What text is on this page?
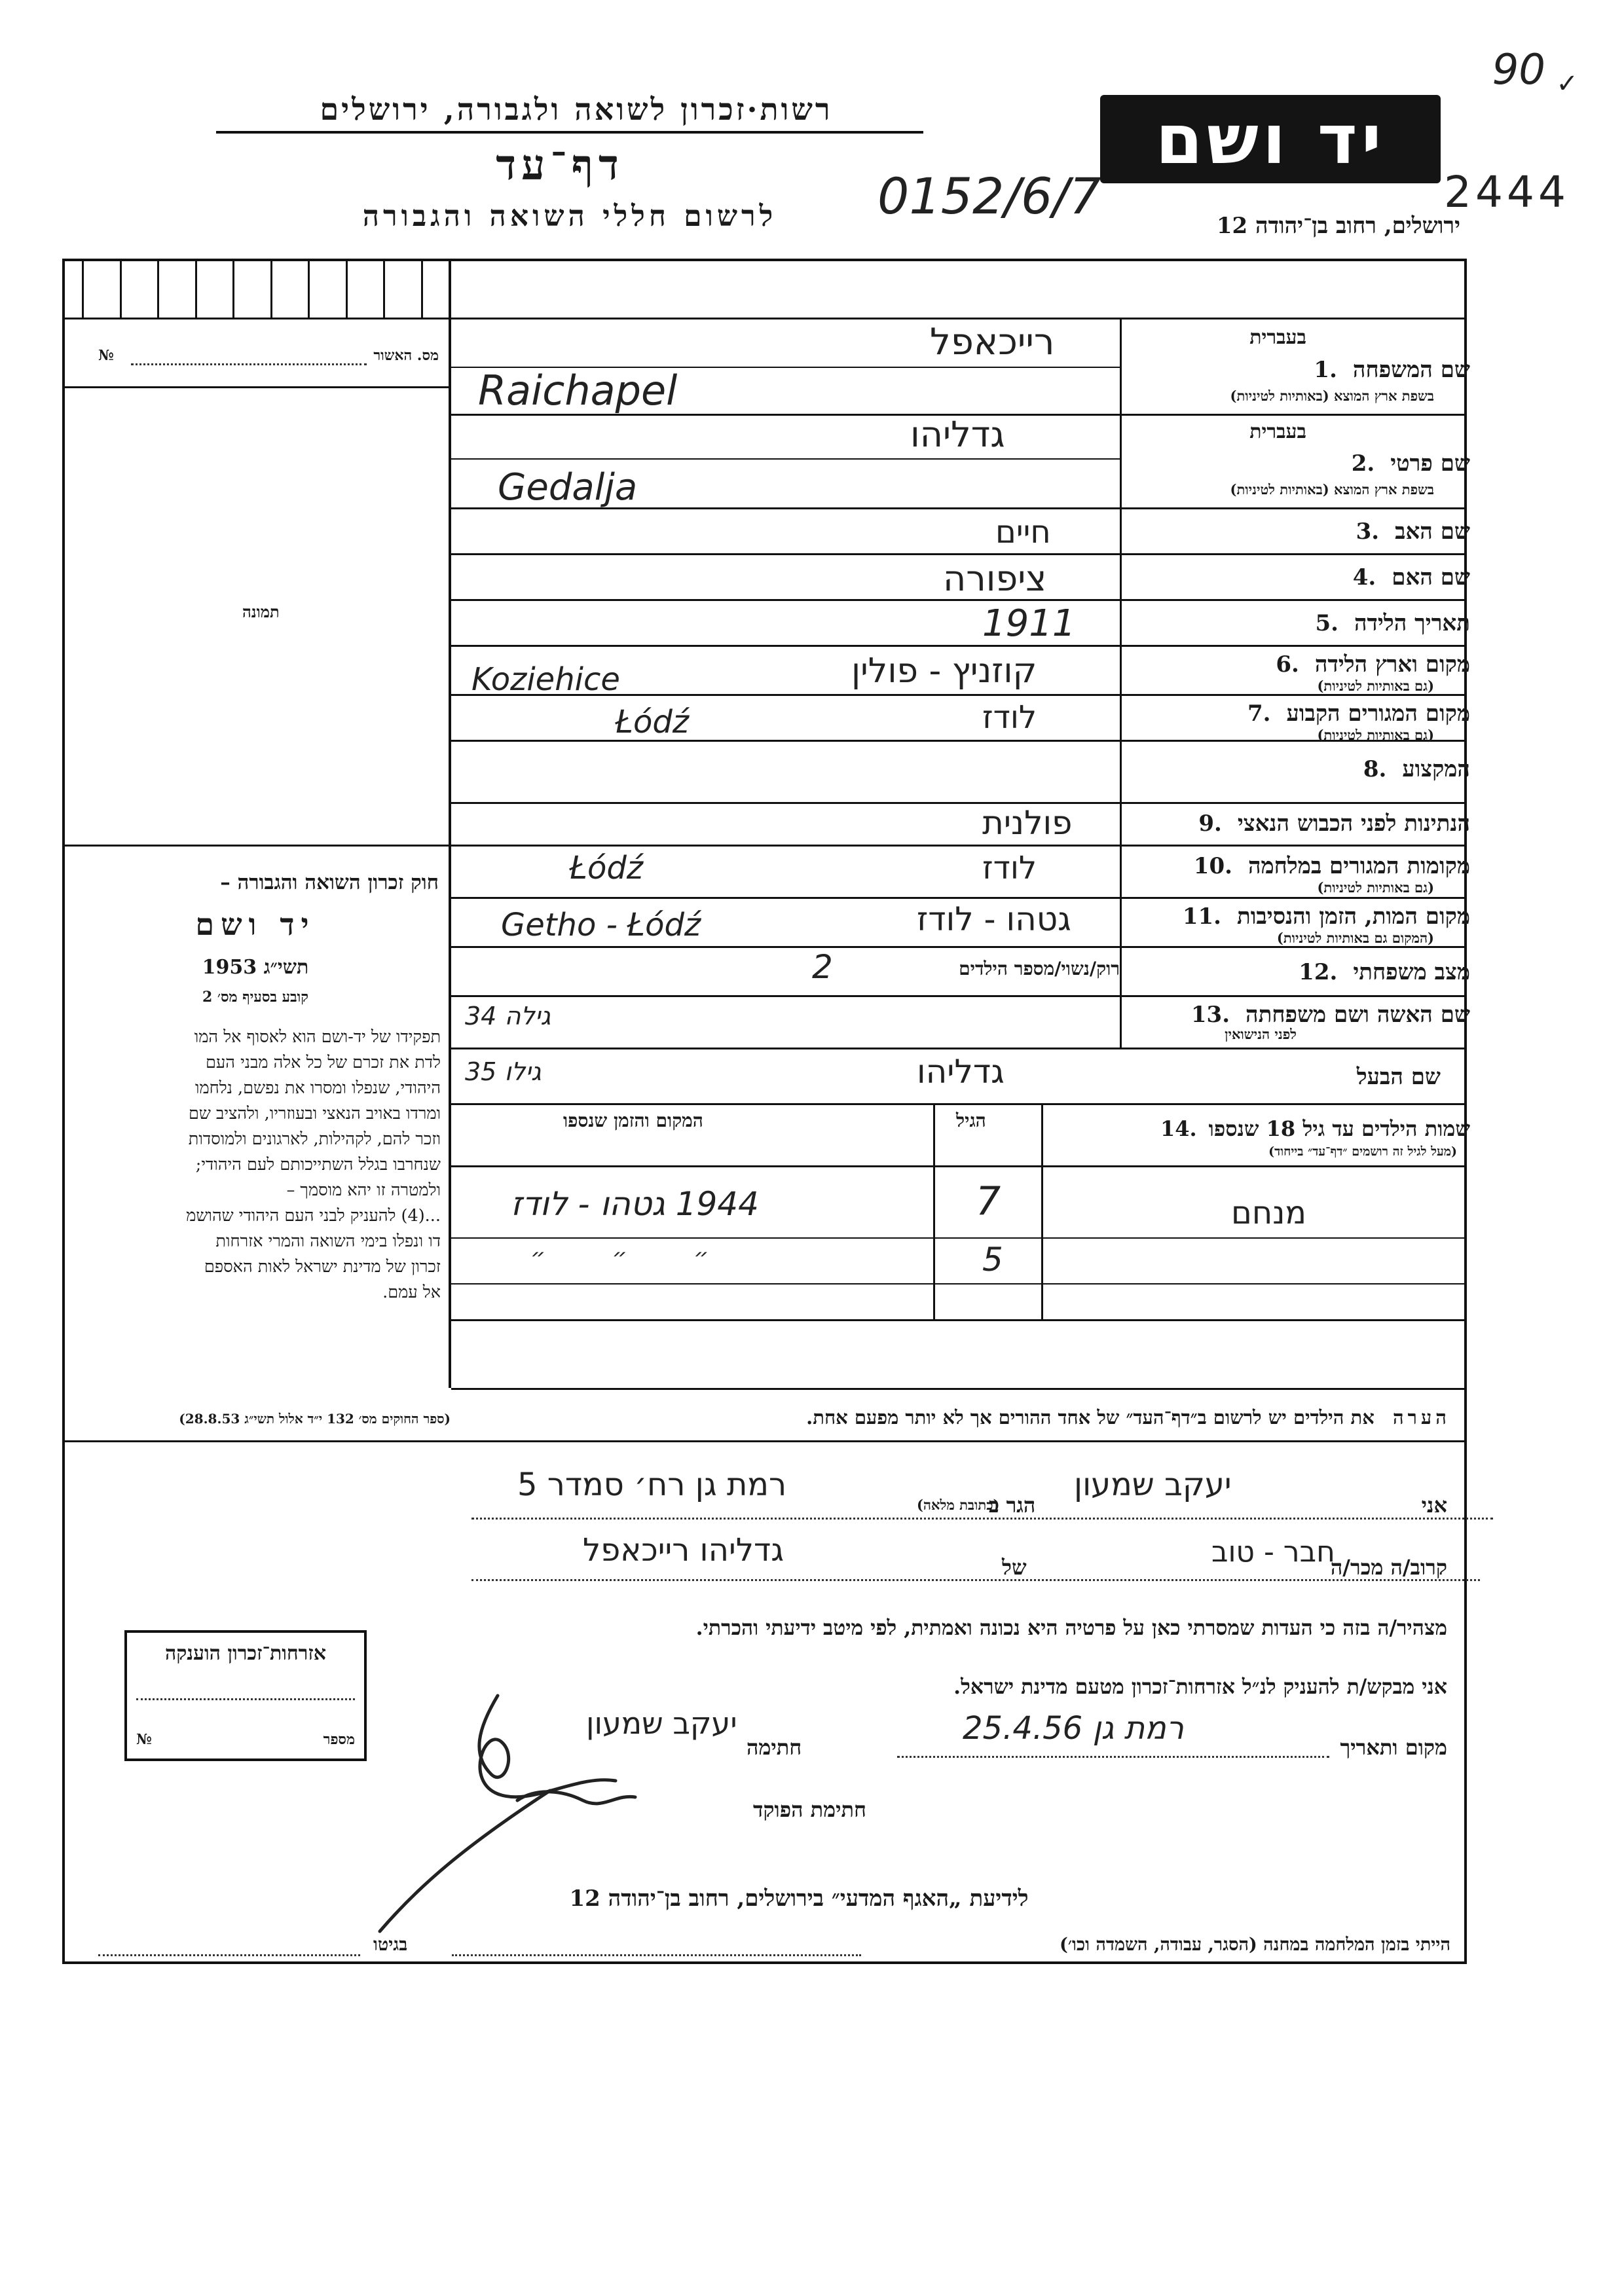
90 ✓
יד ושם
רשות·זכרון לשואה ולגבורה, ירושלים
דף־עד
לרשום חללי השואה והגבורה	0152/6/7
ירושלים, רחוב בן־יהודה 12
2444
מס. האשור
№
תמונה
חוק זכרון השואה והגבורה –
יד ושם
תשי״ג 1953
קובע בסעיף מס׳ 2
תפקידו של יד-ושם הוא לאסוף אל המו
לדת את זכרם של כל אלה מבני העם
היהודי, שנפלו ומסרו את נפשם, נלחמו
ומרדו באויב הנאצי ובעוזריו, ולהציב שם
וזכר להם, לקהילות, לארגונים ולמוסדות
שנחרבו בגלל השתייכותם לעם היהודי;
ולמטרה זו יהא מוסמך –
...(4) להעניק לבני העם היהודי שהושמ
דו ונפלו בימי השואה והמרי אזרחות
זכרון של מדינת ישראל לאות האספם
אל עמם.
(ספר החוקים מס׳ 132 י״ד אלול תשי״ג 28.8.53)
בעברית
1. שם המשפחה
בשפת ארץ המוצא (באותיות לטיניות)
רייכאפל
Raichapel
בעברית
2. שם פרטי
בשפת ארץ המוצא (באותיות לטיניות)
גדליהו
Gedalja
3. שם האב
חיים
4. שם האם
ציפורה
5. תאריך הלידה
1911
6. מקום וארץ הלידה
(גם באותיות לטיניות)
קוזניץ - פולין
Koziehice
7. מקום המגורים הקבוע
(גם באותיות לטיניות)
לודז
Łódź
8. המקצוע
9. הנתינות לפני הכבוש הנאצי
פולנית
10. מקומות המגורים במלחמה
(גם באותיות לטיניות)
לודז
Łódź
11. מקום המות, הזמן והנסיבות
(המקום גם באותיות לטיניות)
גטהו - לודז
Getho - Łódź
12. מצב משפחתי
רוק/נשוי/מספר הילדים
2
13. שם האשה ושם משפחתה
לפני הנישואין
גילה 34
שם הבעל
גדליהו
גילו 35
14. שמות הילדים עד גיל 18 שנספו
(מעל לגיל זה רושמים ״דף־עד״ בייחוד)
הגיל
המקום והזמן שנספו
מנחם
7
1944 גטהו - לודז
5
״ ״ ״
הערה את הילדים יש לרשום ב״דף־העד״ של אחד ההורים אך לא יותר מפעם אחת.
אני
יעקב שמעון
הגר ב
(כתובת מלאה)
רמת גן רח׳ סמדר 5
קרוב/ה מכר/ה
חבר - טוב
של
גדליהו רייכאפל
מצהיר/ה בזה כי העדות שמסרתי כאן על פרטיה היא נכונה ואמתית, לפי מיטב ידיעתי והכרתי.
אני מבקש/ת להעניק לנ״ל אזרחות־זכרון מטעם מדינת ישראל.
מקום ותאריך
רמת גן 25.4.56
חתימה
יעקב שמעון
חתימת הפוקד
אזרחות־זכרון הוענקה
№	מספר
לידיעת „האגף המדעי״ בירושלים, רחוב בן־יהודה 12
הייתי בזמן המלחמה במחנה (הסגר, עבודה, השמדה וכו׳)
בגיטו
